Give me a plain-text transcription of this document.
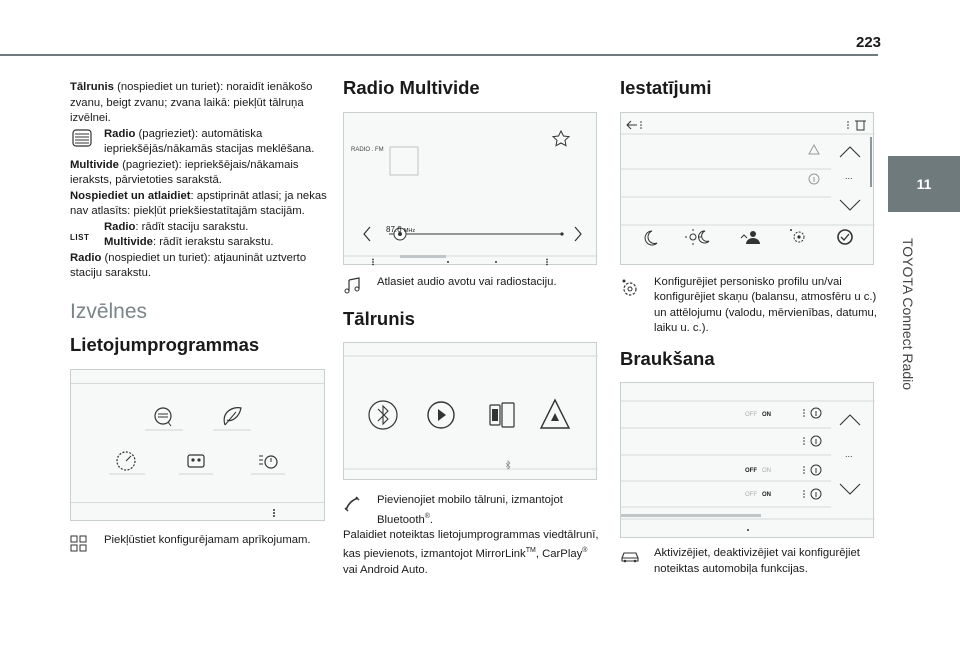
223
11
TOYOTA Connect Radio

Tālrunis (nospiediet un turiet): noraidīt ienākošo zvanu, beigt zvanu; zvana laikā: piekļūt tālruņa izvēlnei.

Radio (pagrieziet): automātiska iepriekšējās/nākamās stacijas meklēšana.

Multivide (pagrieziet): iepriekšējais/nākamais ieraksts, pārvietoties sarakstā.

Nospiediet un atlaidiet: apstiprināt atlasi; ja nekas nav atlasīts: piekļūt priekšiestatītajām stacijām.

LIST
Radio: rādīt staciju sarakstu.
Multivide: rādīt ierakstu sarakstu.

Radio (nospiediet un turiet): atjaunināt uztverto staciju sarakstu.

Izvēlnes
Lietojumprogrammas
Piekļūstiet konfigurējamam aprīkojumam.
Radio Multivide
RADIO . FM
87.6 MHz
Atlasiet audio avotu vai radiostaciju.
Tālrunis
Pievienojiet mobilo tālruni, izmantojot Bluetooth®.

Palaidiet noteiktas lietojumprogrammas viedtālrunī, kas pievienots, izmantojot MirrorLink™, CarPlay® vai Android Auto.

Iestatījumi
...
Konfigurējiet personisko profilu un/vai konfigurējiet skaņu (balansu, atmosfēru u c.) un attēlojumu (valodu, mērvienības, datumu, laiku u. c.).
Braukšana
...
OFF ON
OFF ON
OFF ON
Aktivizējiet, deaktivizējiet vai konfigurējiet noteiktas automobiļa funkcijas.
